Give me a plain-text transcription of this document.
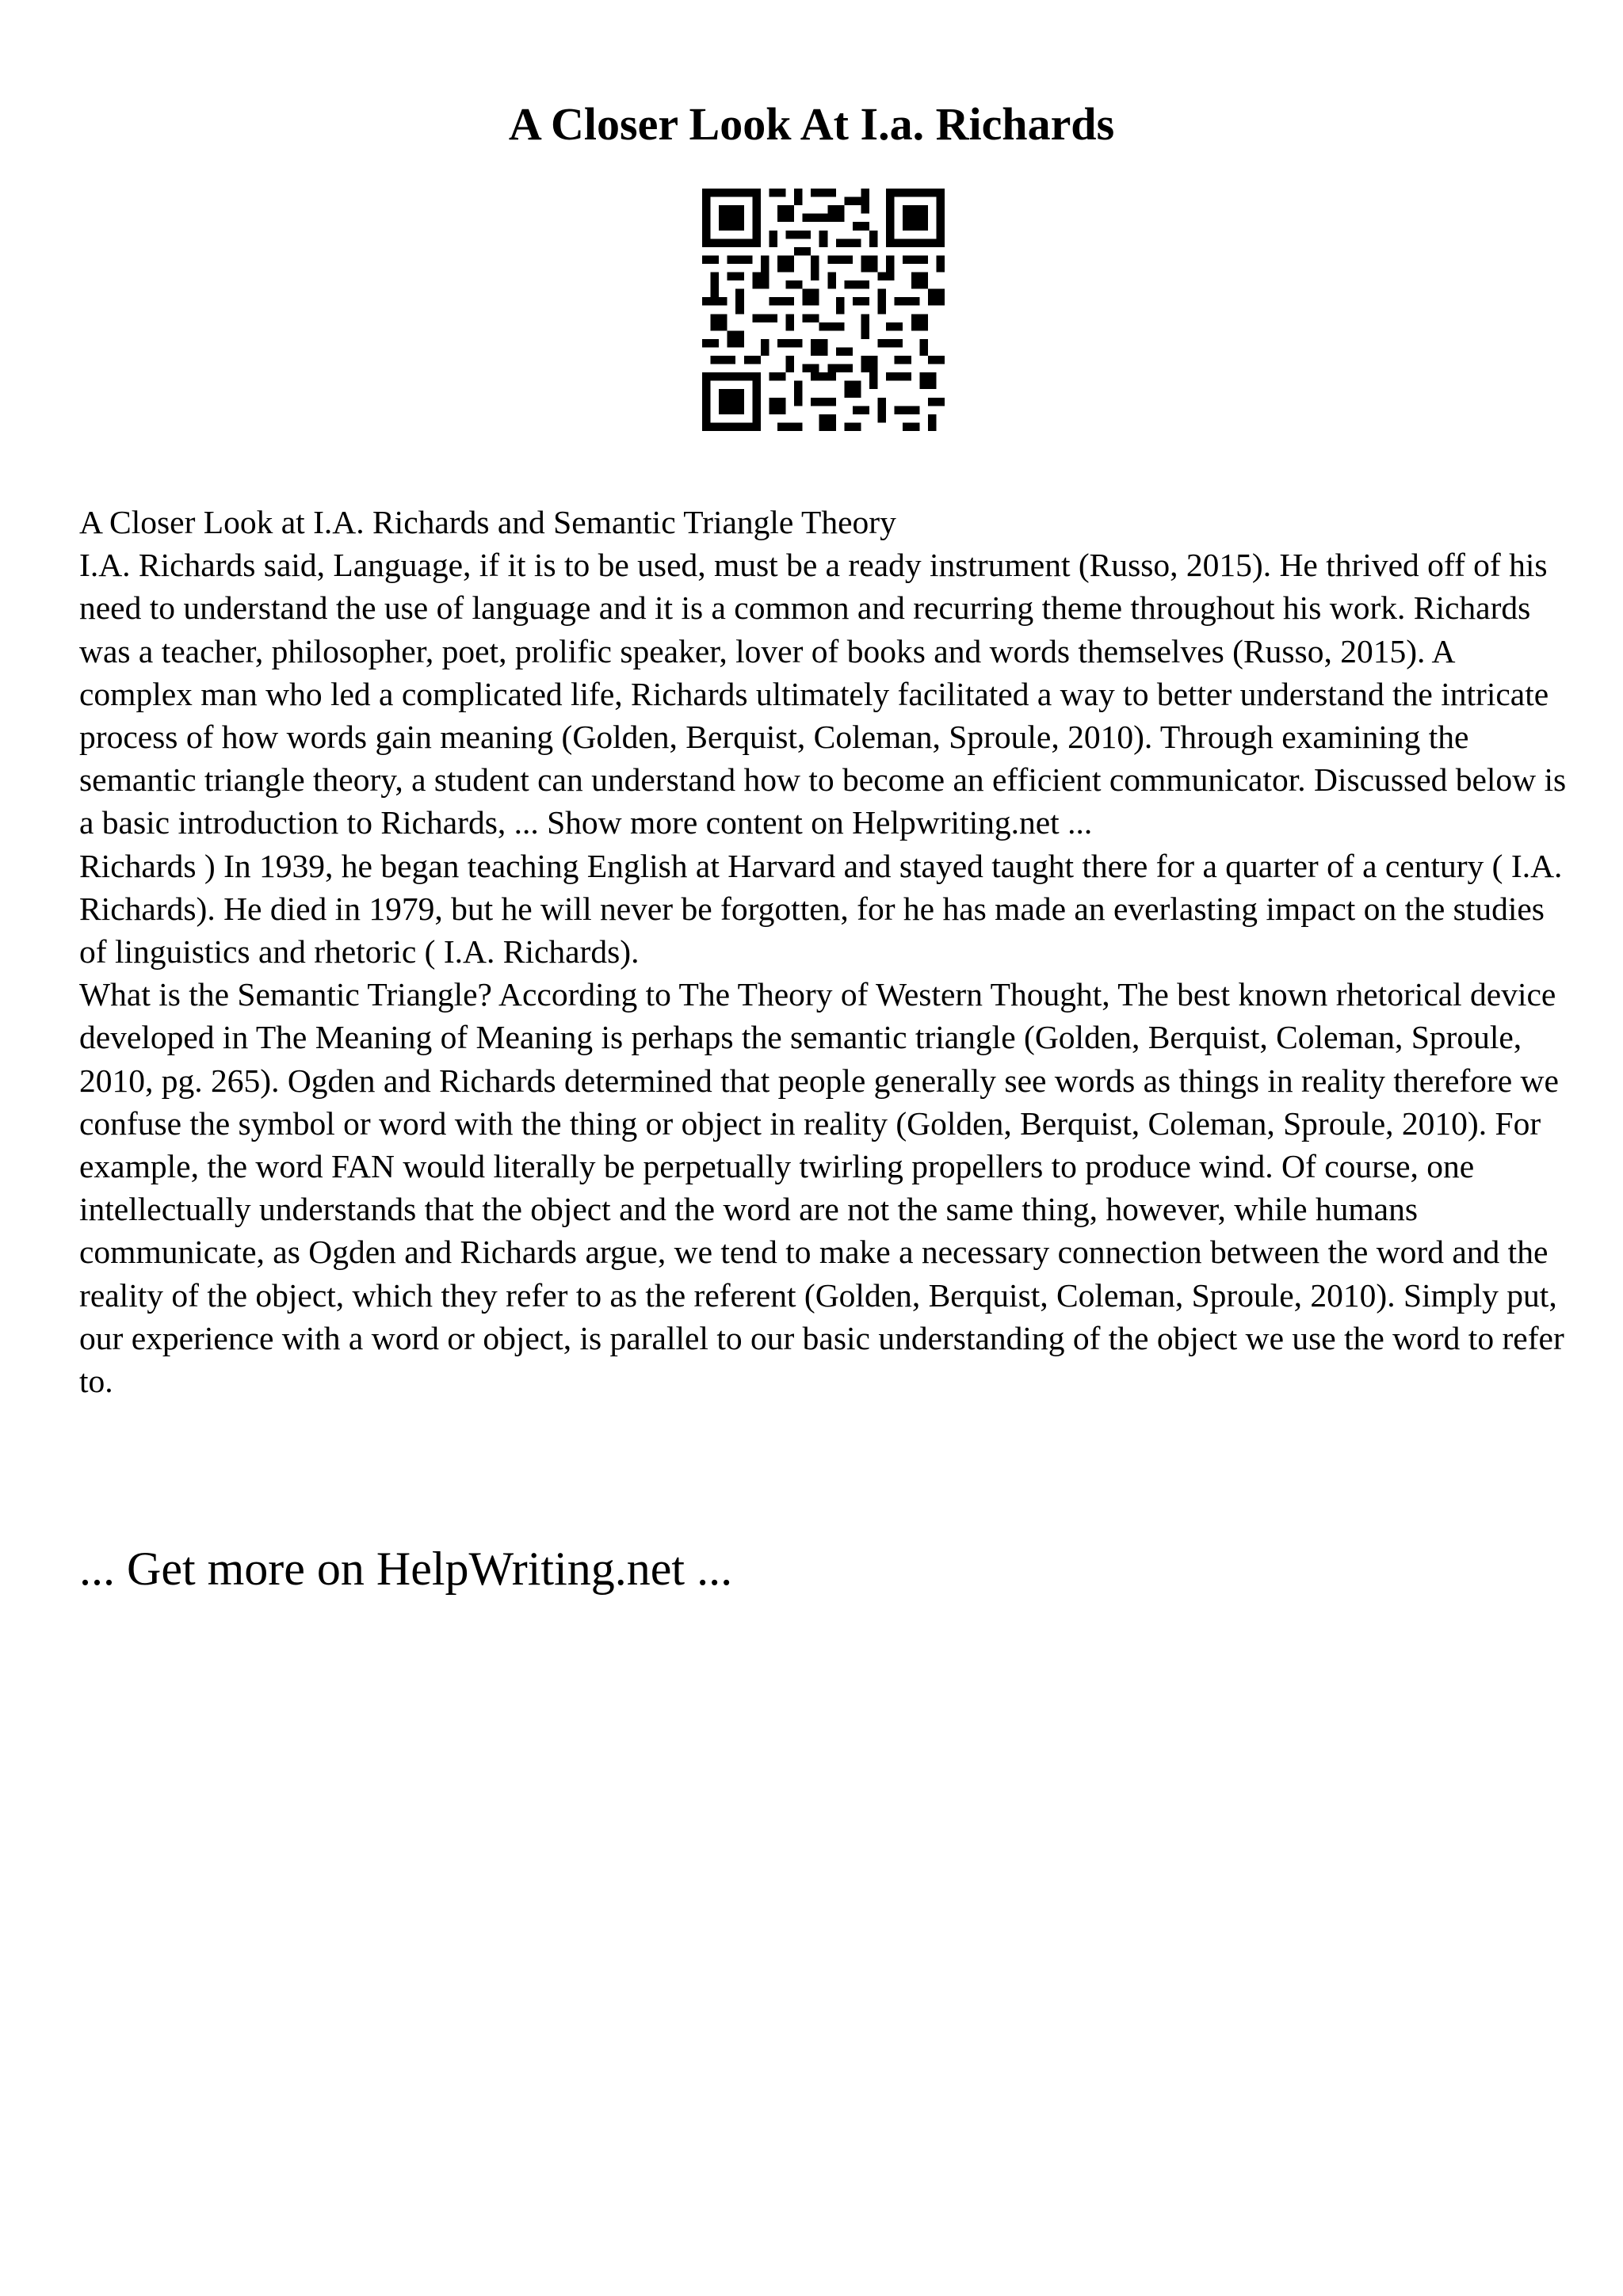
A Closer Look At I.a. Richards

A Closer Look at I.A. Richards and Semantic Triangle Theory

I.A. Richards said, Language, if it is to be used, must be a ready instrument (Russo, 2015). He thrived off of his need to understand the use of language and it is a common and recurring theme throughout his work. Richards was a teacher, philosopher, poet, prolific speaker, lover of books and words themselves (Russo, 2015). A complex man who led a complicated life, Richards ultimately facilitated a way to better understand the intricate process of how words gain meaning (Golden, Berquist, Coleman, Sproule, 2010). Through examining the semantic triangle theory, a student can understand how to become an efficient communicator. Discussed below is a basic introduction to Richards, ... Show more content on Helpwriting.net ...

Richards ) In 1939, he began teaching English at Harvard and stayed taught there for a quarter of a century ( I.A. Richards). He died in 1979, but he will never be forgotten, for he has made an everlasting impact on the studies of linguistics and rhetoric ( I.A. Richards).

What is the Semantic Triangle? According to The Theory of Western Thought, The best known rhetorical device developed in The Meaning of Meaning is perhaps the semantic triangle (Golden, Berquist, Coleman, Sproule, 2010, pg. 265). Ogden and Richards determined that people generally see words as things in reality therefore we confuse the symbol or word with the thing or object in reality (Golden, Berquist, Coleman, Sproule, 2010). For example, the word FAN would literally be perpetually twirling propellers to produce wind. Of course, one intellectually understands that the object and the word are not the same thing, however, while humans communicate, as Ogden and Richards argue, we tend to make a necessary connection between the word and the reality of the object, which they refer to as the referent (Golden, Berquist, Coleman, Sproule, 2010). Simply put, our experience with a word or object, is parallel to our basic understanding of the object we use the word to refer to.

... Get more on HelpWriting.net ...
